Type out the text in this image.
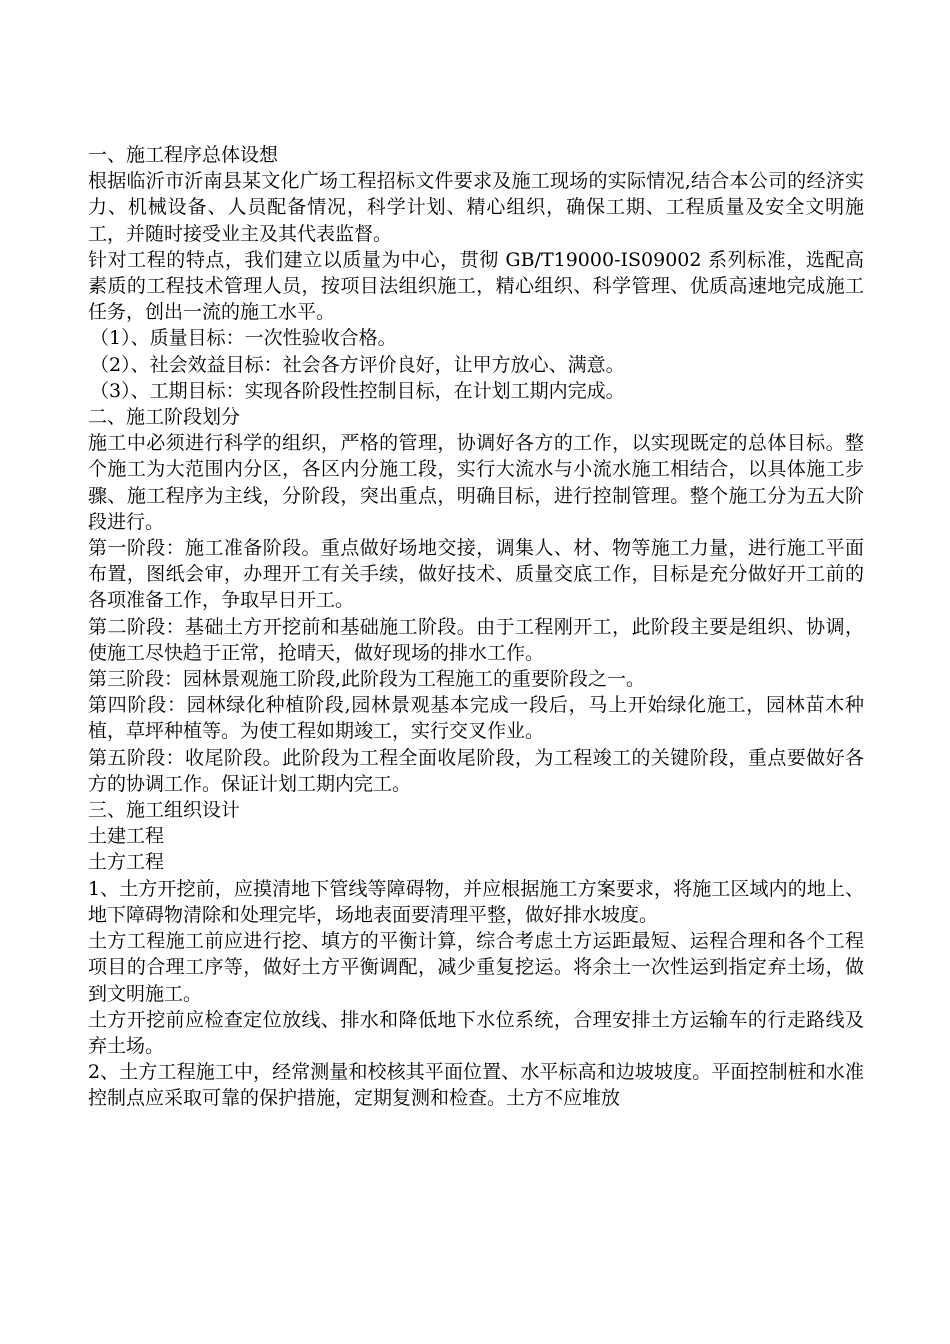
一、施工程序总体设想

根据临沂市沂南县某文化广场工程招标文件要求及施工现场的实际情况,结合本公司的经济实力、机械设备、人员配备情况，科学计划、精心组织，确保工期、工程质量及安全文明施工，并随时接受业主及其代表监督。

针对工程的特点，我们建立以质量为中心，贯彻 GB/T19000-IS09002 系列标准，选配高素质的工程技术管理人员，按项目法组织施工，精心组织、科学管理、优质高速地完成施工任务，创出一流的施工水平。

（1）、质量目标：一次性验收合格。

（2）、社会效益目标：社会各方评价良好，让甲方放心、满意。

（3）、工期目标：实现各阶段性控制目标，在计划工期内完成。

二、施工阶段划分

施工中必须进行科学的组织，严格的管理，协调好各方的工作，以实现既定的总体目标。整个施工为大范围内分区，各区内分施工段，实行大流水与小流水施工相结合，以具体施工步骤、施工程序为主线，分阶段，突出重点，明确目标，进行控制管理。整个施工分为五大阶段进行。

第一阶段：施工准备阶段。重点做好场地交接，调集人、材、物等施工力量，进行施工平面布置，图纸会审，办理开工有关手续，做好技术、质量交底工作，目标是充分做好开工前的各项准备工作，争取早日开工。

第二阶段：基础土方开挖前和基础施工阶段。由于工程刚开工，此阶段主要是组织、协调，使施工尽快趋于正常，抢晴天，做好现场的排水工作。

第三阶段：园林景观施工阶段,此阶段为工程施工的重要阶段之一。

第四阶段：园林绿化种植阶段,园林景观基本完成一段后，马上开始绿化施工，园林苗木种植，草坪种植等。为使工程如期竣工，实行交叉作业。

第五阶段：收尾阶段。此阶段为工程全面收尾阶段，为工程竣工的关键阶段，重点要做好各方的协调工作。保证计划工期内完工。

三、施工组织设计

土建工程

土方工程

1、土方开挖前，应摸清地下管线等障碍物，并应根据施工方案要求，将施工区域内的地上、地下障碍物清除和处理完毕，场地表面要清理平整，做好排水坡度。

土方工程施工前应进行挖、填方的平衡计算，综合考虑土方运距最短、运程合理和各个工程项目的合理工序等，做好土方平衡调配，减少重复挖运。将余土一次性运到指定弃土场，做到文明施工。

土方开挖前应检查定位放线、排水和降低地下水位系统，合理安排土方运输车的行走路线及弃土场。

2、土方工程施工中，经常测量和校核其平面位置、水平标高和边坡坡度。平面控制桩和水准控制点应采取可靠的保护措施，定期复测和检查。土方不应堆放
